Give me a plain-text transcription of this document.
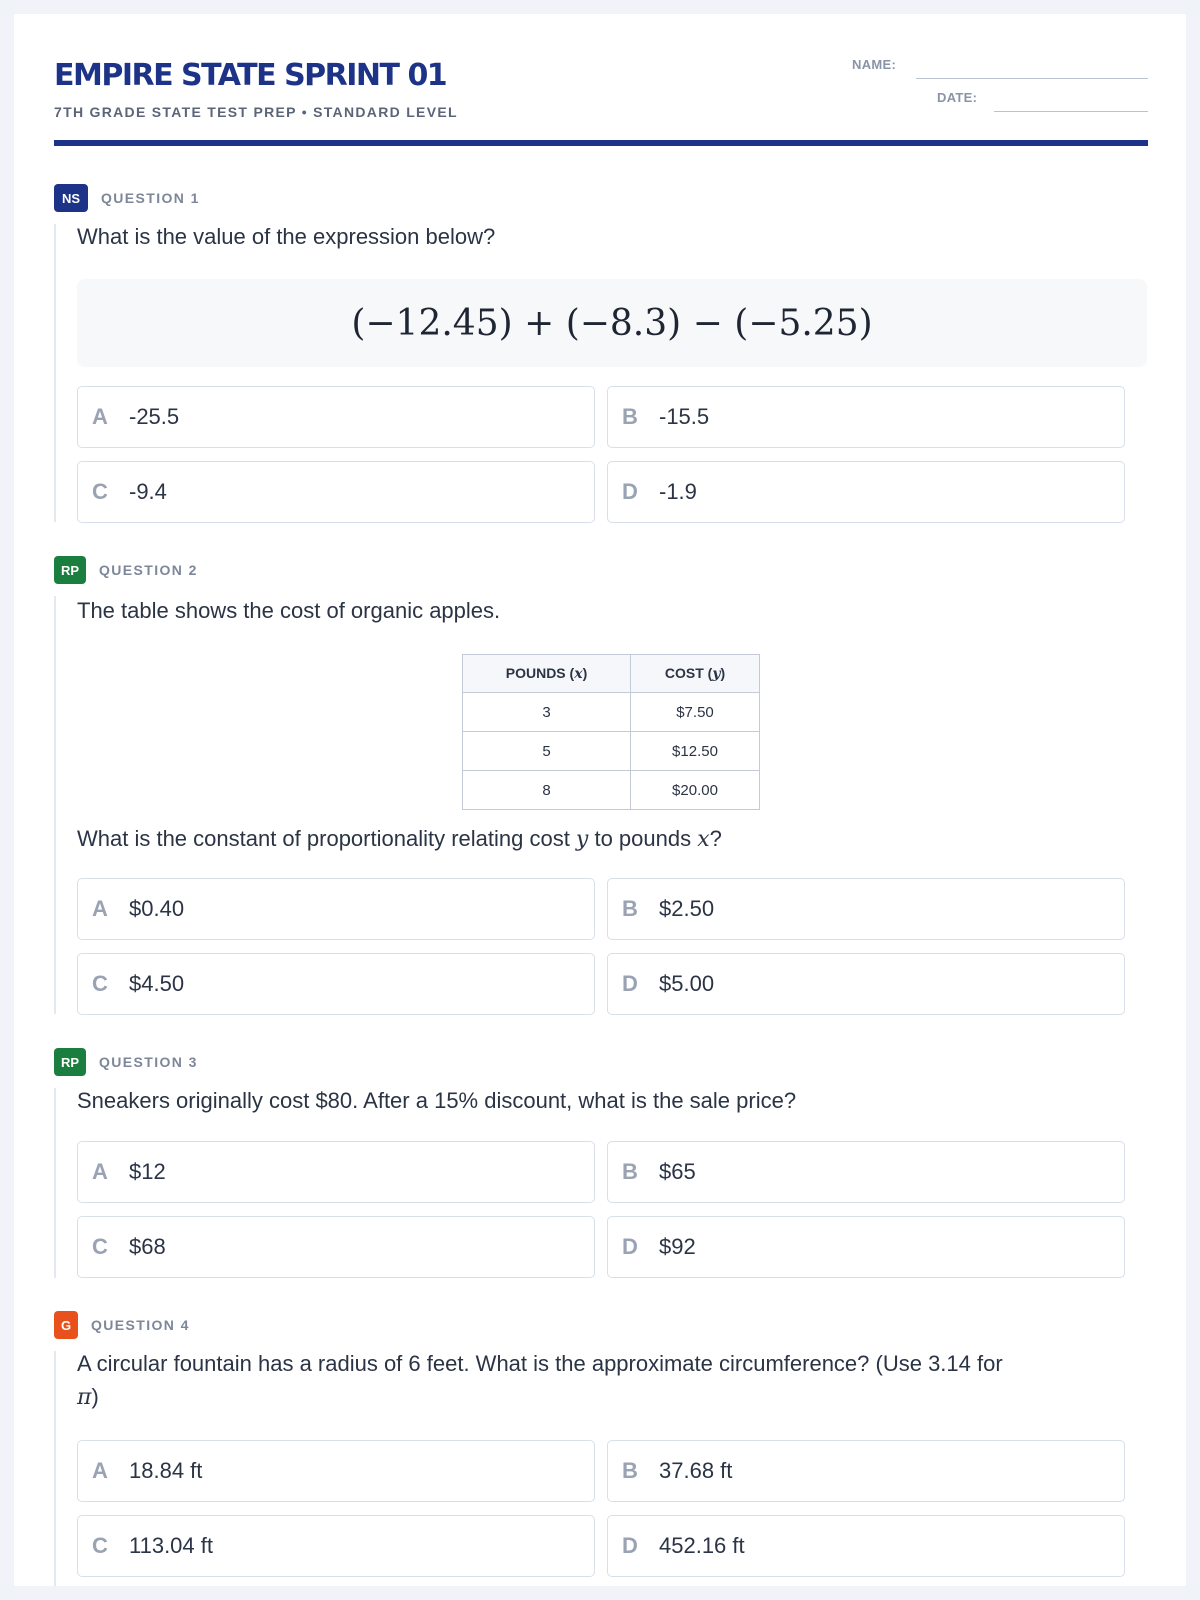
EMPIRE STATE SPRINT 01
7TH GRADE STATE TEST PREP • STANDARD LEVEL
NAME:
DATE:
NS	QUESTION 1
What is the value of the expression below?
(−12.45) + (−8.3) − (−5.25)
A -25.5	B -15.5
C -9.4	D -1.9
RP	QUESTION 2
The table shows the cost of organic apples.
POUNDS (x)	COST (y)
3	$7.50
5	$12.50
8	$20.00
What is the constant of proportionality relating cost y to pounds x?
A $0.40	B $2.50
C $4.50	D $5.00
RP	QUESTION 3
Sneakers originally cost $80. After a 15% discount, what is the sale price?
A $12	B $65
C $68	D $92
G	QUESTION 4
A circular fountain has a radius of 6 feet. What is the approximate circumference? (Use 3.14 for
π)
A 18.84 ft	B 37.68 ft
C 113.04 ft	D 452.16 ft
